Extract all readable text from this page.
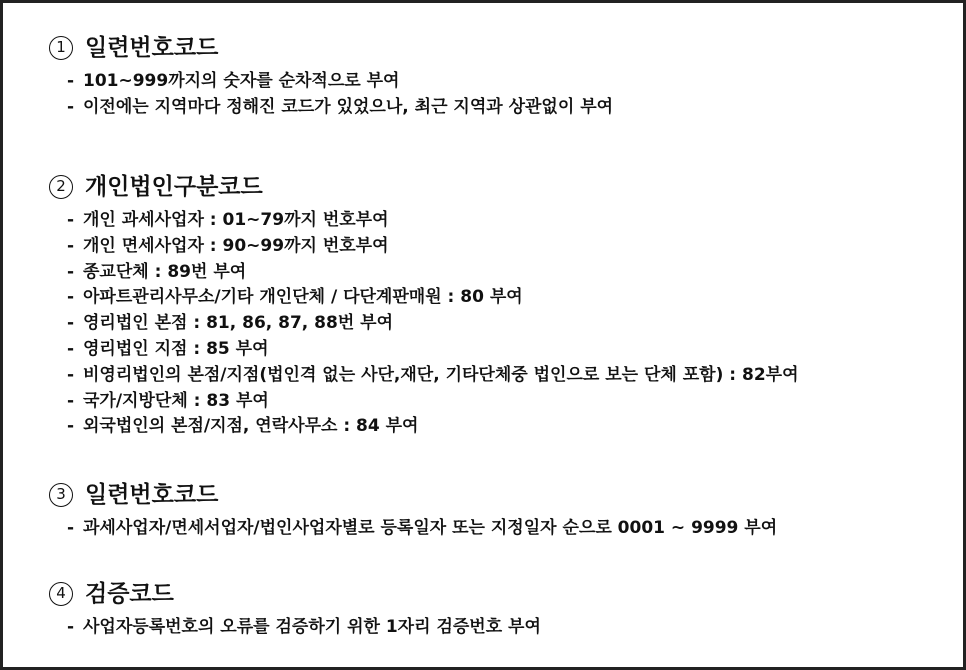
1 일련번호코드
- 101~999까지의 숫자를 순차적으로 부여
- 이전에는 지역마다 정해진 코드가 있었으나, 최근 지역과 상관없이 부여
2 개인법인구분코드
- 개인 과세사업자 : 01~79까지 번호부여
- 개인 면세사업자 : 90~99까지 번호부여
- 종교단체 : 89번 부여
- 아파트관리사무소/기타 개인단체 / 다단계판매원 : 80 부여
- 영리법인 본점 : 81, 86, 87, 88번 부여
- 영리법인 지점 : 85 부여
- 비영리법인의 본점/지점(법인격 없는 사단,재단, 기타단체중 법인으로 보는 단체 포함) : 82부여
- 국가/지방단체 : 83 부여
- 외국법인의 본점/지점, 연락사무소 : 84 부여
3 일련번호코드
- 과세사업자/면세서업자/법인사업자별로 등록일자 또는 지정일자 순으로 0001 ~ 9999 부여
4 검증코드
- 사업자등록번호의 오류를 검증하기 위한 1자리 검증번호 부여
